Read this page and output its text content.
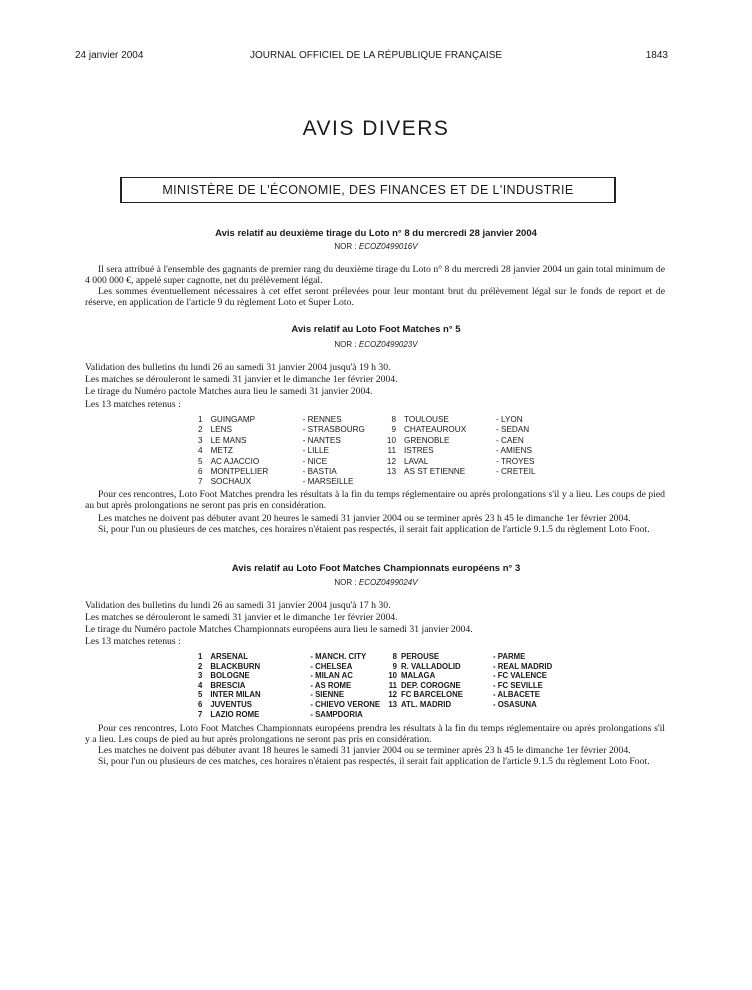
24 janvier 2004	JOURNAL OFFICIEL DE LA RÉPUBLIQUE FRANÇAISE	1843
AVIS DIVERS
MINISTÈRE DE L'ÉCONOMIE, DES FINANCES ET DE L'INDUSTRIE
Avis relatif au deuxième tirage du Loto n° 8 du mercredi 28 janvier 2004
NOR : ECOZ0499016V
Il sera attribué à l'ensemble des gagnants de premier rang du deuxième tirage du Loto n° 8 du mercredi 28 janvier 2004 un gain total minimum de 4 000 000 €, appelé super cagnotte, net du prélèvement légal.
Les sommes éventuellement nécessaires à cet effet seront prélevées pour leur montant brut du prélèvement légal sur le fonds de report et de réserve, en application de l'article 9 du règlement Loto et Super Loto.
Avis relatif au Loto Foot Matches n° 5
NOR : ECOZ0499023V
Validation des bulletins du lundi 26 au samedi 31 janvier 2004 jusqu'à 19 h 30.
Les matches se dérouleront le samedi 31 janvier et le dimanche 1er février 2004.
Le tirage du Numéro pactole Matches aura lieu le samedi 31 janvier 2004.
Les 13 matches retenus :
1	GUINGAMP	- RENNES
2	LENS	- STRASBOURG
3	LE MANS	- NANTES
4	METZ	- LILLE
5	AC AJACCIO	- NICE
6	MONTPELLIER	- BASTIA
7	SOCHAUX	- MARSEILLE
8	TOULOUSE	- LYON
9	CHATEAUROUX	- SEDAN
10	GRENOBLE	- CAEN
11	ISTRES	- AMIENS
12	LAVAL	- TROYES
13	AS ST ETIENNE	- CRETEIL
Pour ces rencontres, Loto Foot Matches prendra les résultats à la fin du temps réglementaire ou après prolongations s'il y a lieu. Les coups de pied au but après prolongations ne seront pas pris en considération.
Les matches ne doivent pas débuter avant 20 heures le samedi 31 janvier 2004 ou se terminer après 23 h 45 le dimanche 1er février 2004.
Si, pour l'un ou plusieurs de ces matches, ces horaires n'étaient pas respectés, il serait fait application de l'article 9.1.5 du règlement Loto Foot.
Avis relatif au Loto Foot Matches Championnats européens n° 3
NOR : ECOZ0499024V
Validation des bulletins du lundi 26 au samedi 31 janvier 2004 jusqu'à 17 h 30.
Les matches se dérouleront le samedi 31 janvier et le dimanche 1er février 2004.
Le tirage du Numéro pactole Matches Championnats européens aura lieu le samedi 31 janvier 2004.
Les 13 matches retenus :
1	ARSENAL	- MANCH. CITY
2	BLACKBURN	- CHELSEA
3	BOLOGNE	- MILAN AC
4	BRESCIA	- AS ROME
5	INTER MILAN	- SIENNE
6	JUVENTUS	- CHIEVO VERONE
7	LAZIO ROME	- SAMPDORIA
8	PEROUSE	- PARME
9	R. VALLADOLID	- REAL MADRID
10	MALAGA	- FC VALENCE
11	DEP. COROGNE	- FC SEVILLE
12	FC BARCELONE	- ALBACETE
13	ATL. MADRID	- OSASUNA
Pour ces rencontres, Loto Foot Matches Championnats européens prendra les résultats à la fin du temps réglementaire ou après prolongations s'il y a lieu. Les coups de pied au but après prolongations ne seront pas pris en considération.
Les matches ne doivent pas débuter avant 18 heures le samedi 31 janvier 2004 ou se terminer après 23 h 45 le dimanche 1er février 2004.
Si, pour l'un ou plusieurs de ces matches, ces horaires n'étaient pas respectés, il serait fait application de l'article 9.1.5 du règlement Loto Foot.
